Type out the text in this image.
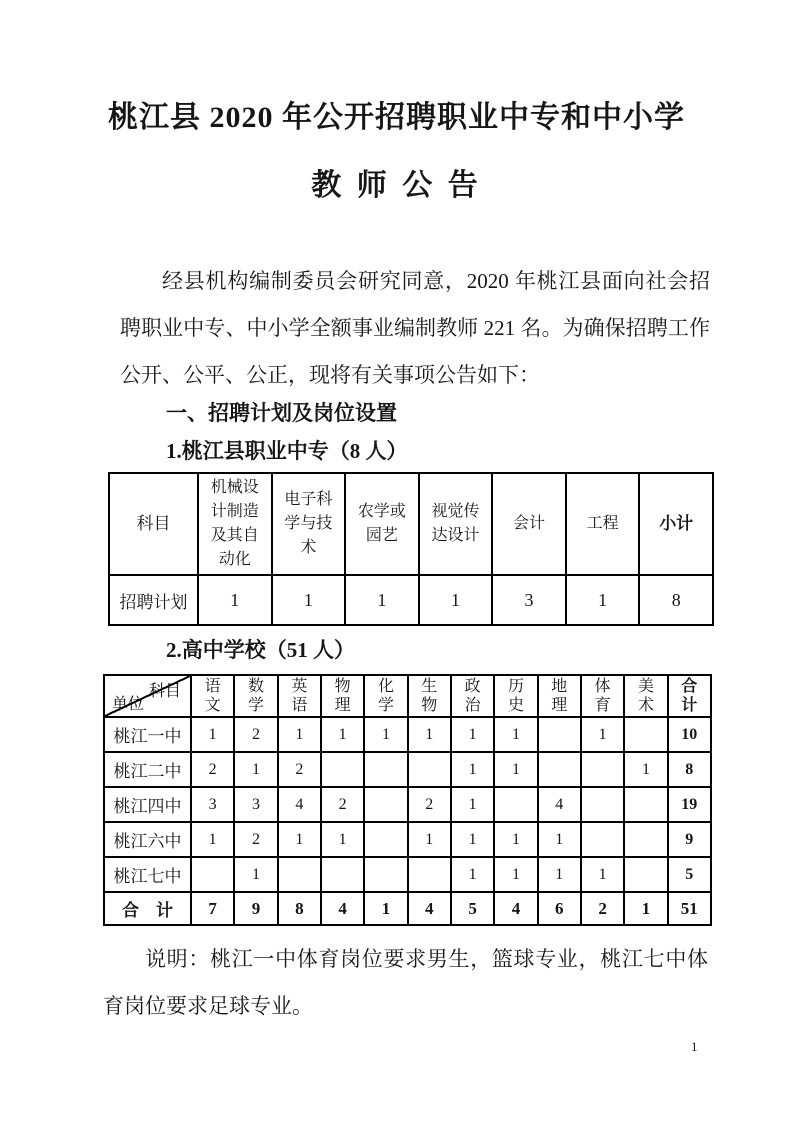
桃江县 2020 年公开招聘职业中专和中小学
教 师 公 告

经县机构编制委员会研究同意，2020 年桃江县面向社会招聘职业中专、中小学全额事业编制教师 221 名。为确保招聘工作公开、公平、公正，现将有关事项公告如下：

一、招聘计划及岗位设置
1.桃江县职业中专（8 人）
科目	机械设计制造及其自动化	电子科学与技术	农学或园艺	视觉传达设计	会计	工程	小计
招聘计划	1	1	1	1	3	1	8
2.高中学校（51 人）
科目
单位	语文	数学	英语	物理	化学	生物	政治	历史	地理	体育	美术	合计
桃江一中	1	2	1	1	1	1	1	1		1		10
桃江二中	2	1	2				1	1			1	8
桃江四中	3	3	4	2		2	1		4			19
桃江六中	1	2	1	1		1	1	1	1			9
桃江七中		1					1	1	1	1		5
合　计	7	9	8	4	1	4	5	4	6	2	1	51

说明：桃江一中体育岗位要求男生，篮球专业，桃江七中体育岗位要求足球专业。

1
